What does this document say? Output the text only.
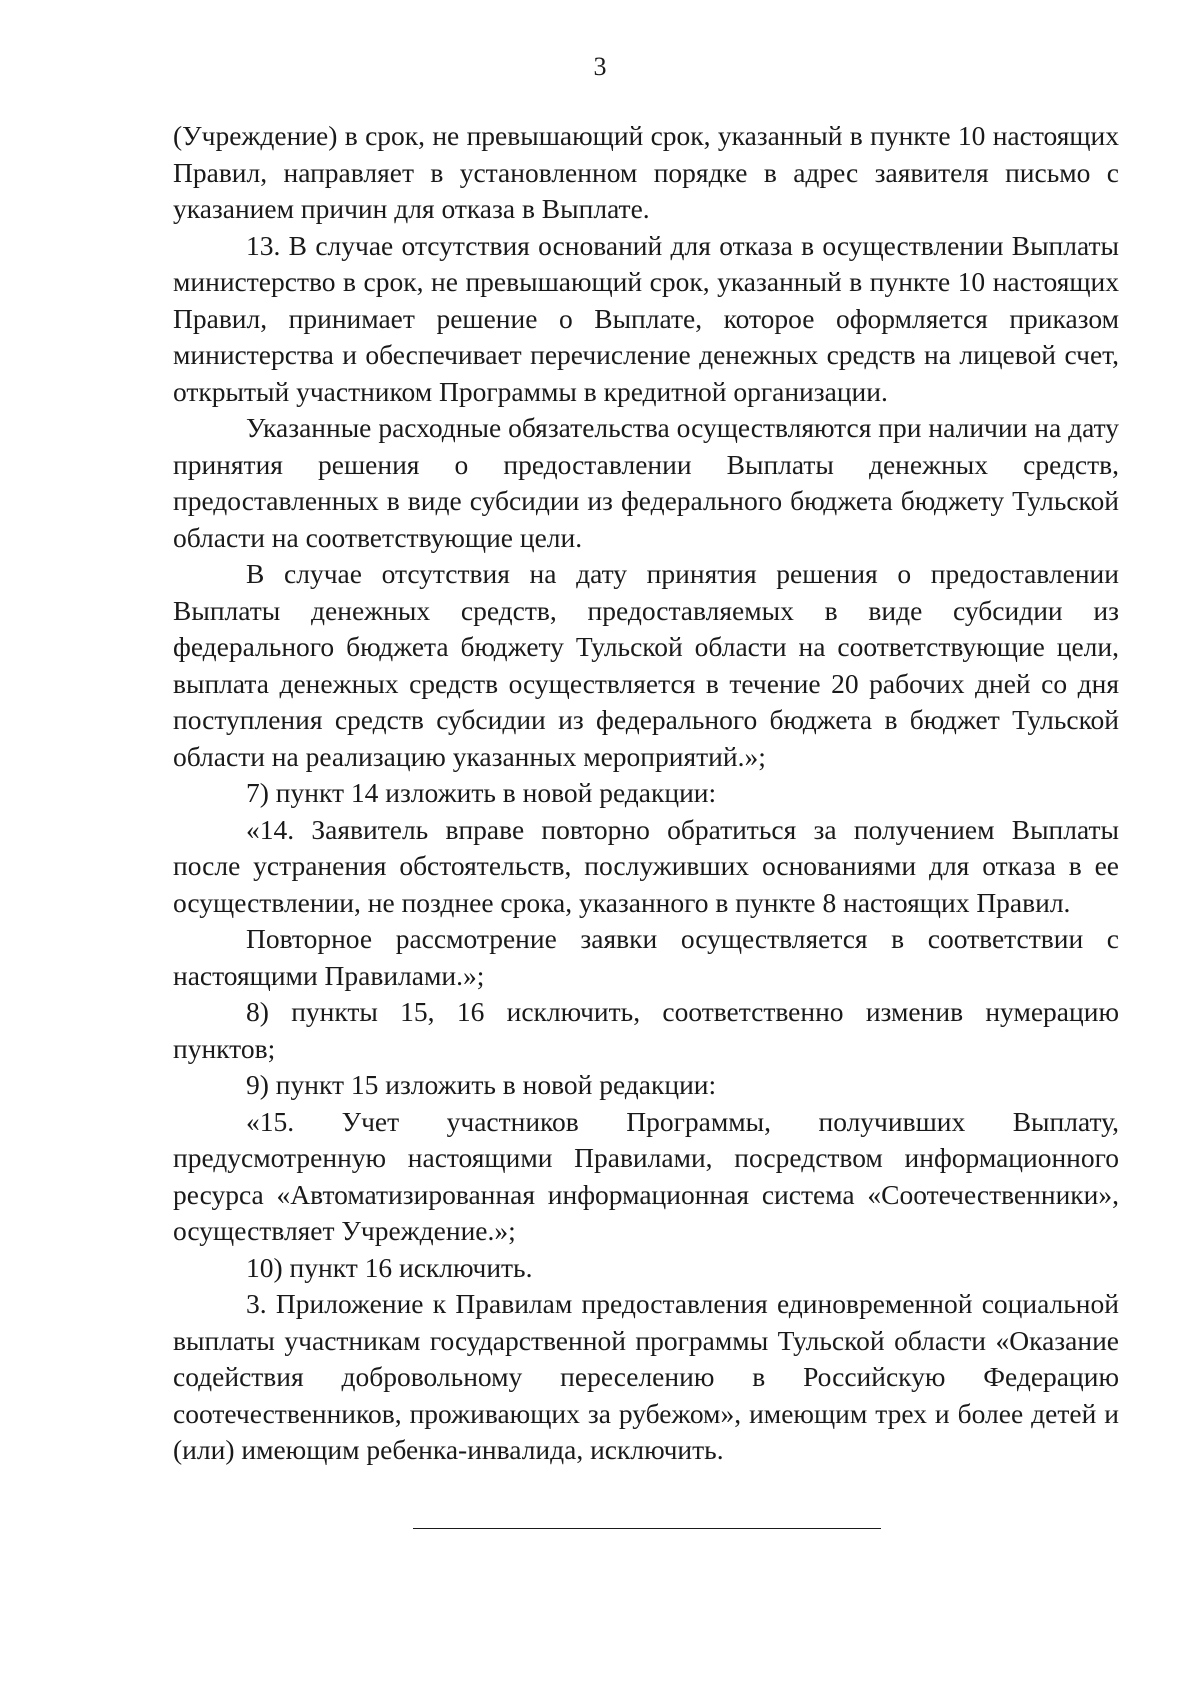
3

(Учреждение) в срок, не превышающий срок, указанный в пункте 10 настоящих Правил, направляет в установленном порядке в адрес заявителя письмо с указанием причин для отказа в Выплате.

13. В случае отсутствия оснований для отказа в осуществлении Выплаты министерство в срок, не превышающий срок, указанный в пункте 10 настоящих Правил, принимает решение о Выплате, которое оформляется приказом министерства и обеспечивает перечисление денежных средств на лицевой счет, открытый участником Программы в кредитной организации.

Указанные расходные обязательства осуществляются при наличии на дату принятия решения о предоставлении Выплаты денежных средств, предоставленных в виде субсидии из федерального бюджета бюджету Тульской области на соответствующие цели.

В случае отсутствия на дату принятия решения о предоставлении Выплаты денежных средств, предоставляемых в виде субсидии из федерального бюджета бюджету Тульской области на соответствующие цели, выплата денежных средств осуществляется в течение 20 рабочих дней со дня поступления средств субсидии из федерального бюджета в бюджет Тульской области на реализацию указанных мероприятий.»;

7) пункт 14 изложить в новой редакции:

«14. Заявитель вправе повторно обратиться за получением Выплаты после устранения обстоятельств, послуживших основаниями для отказа в ее осуществлении, не позднее срока, указанного в пункте 8 настоящих Правил.

Повторное рассмотрение заявки осуществляется в соответствии с настоящими Правилами.»;

8) пункты 15, 16 исключить, соответственно изменив нумерацию пунктов;

9) пункт 15 изложить в новой редакции:

«15. Учет участников Программы, получивших Выплату, предусмотренную настоящими Правилами, посредством информационного ресурса «Автоматизированная информационная система «Соотечественники», осуществляет Учреждение.»;

10) пункт 16 исключить.

3. Приложение к Правилам предоставления единовременной социальной выплаты участникам государственной программы Тульской области «Оказание содействия добровольному переселению в Российскую Федерацию соотечественников, проживающих за рубежом», имеющим трех и более детей и (или) имеющим ребенка-инвалида, исключить.
